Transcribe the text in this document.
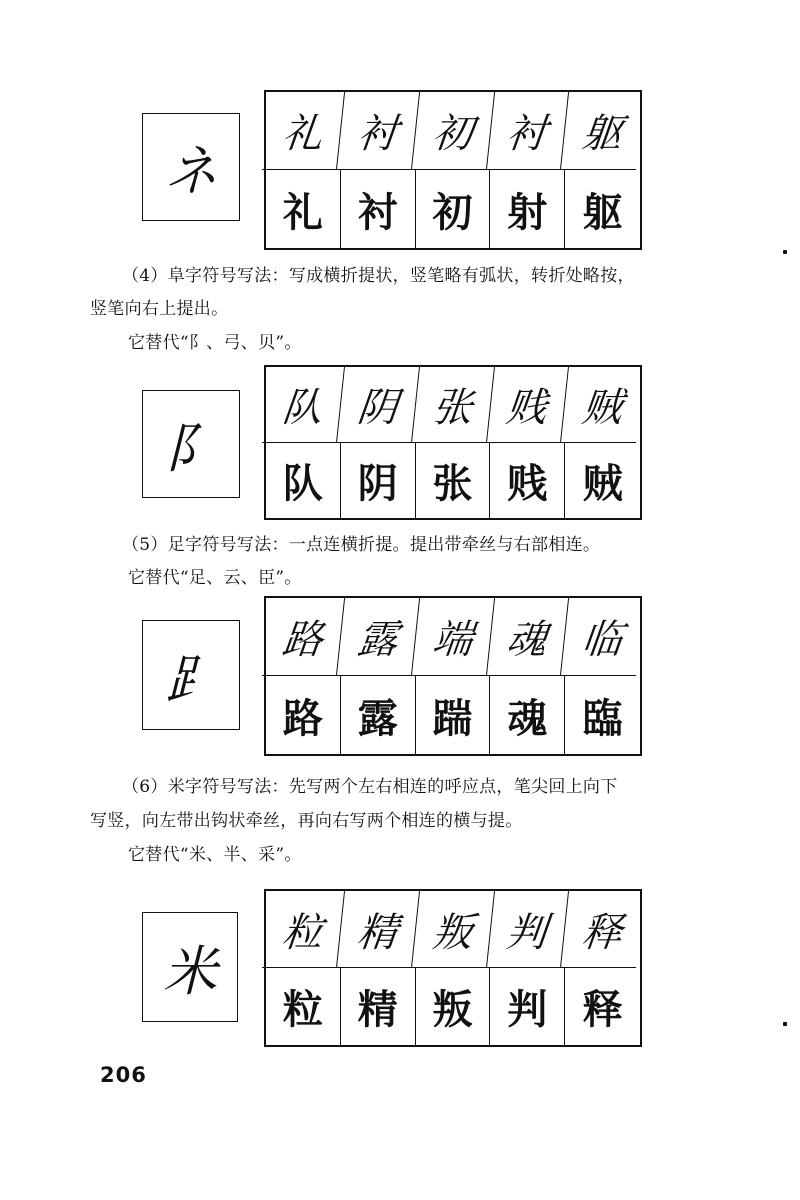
ネ
礼 衬 初 衬 躯
礼 衬 初 射 躯
（4）阜字符号写法：写成横折提状，竖笔略有弧状，转折处略按，
竖笔向右上提出。
它替代“阝、弓、贝”。
阝
队 阴 张 贱 贼
队 阴 张 贱 贼
（5）足字符号写法：一点连横折提。提出带牵丝与右部相连。
它替代“足、云、臣”。
⻊
路 露 端 魂 临
路 露 踹 魂 臨
（6）米字符号写法：先写两个左右相连的呼应点，笔尖回上向下
写竖，向左带出钩状牵丝，再向右写两个相连的横与提。
它替代“米、半、采”。
米
粒 精 叛 判 释
粒 精 叛 判 释
206
